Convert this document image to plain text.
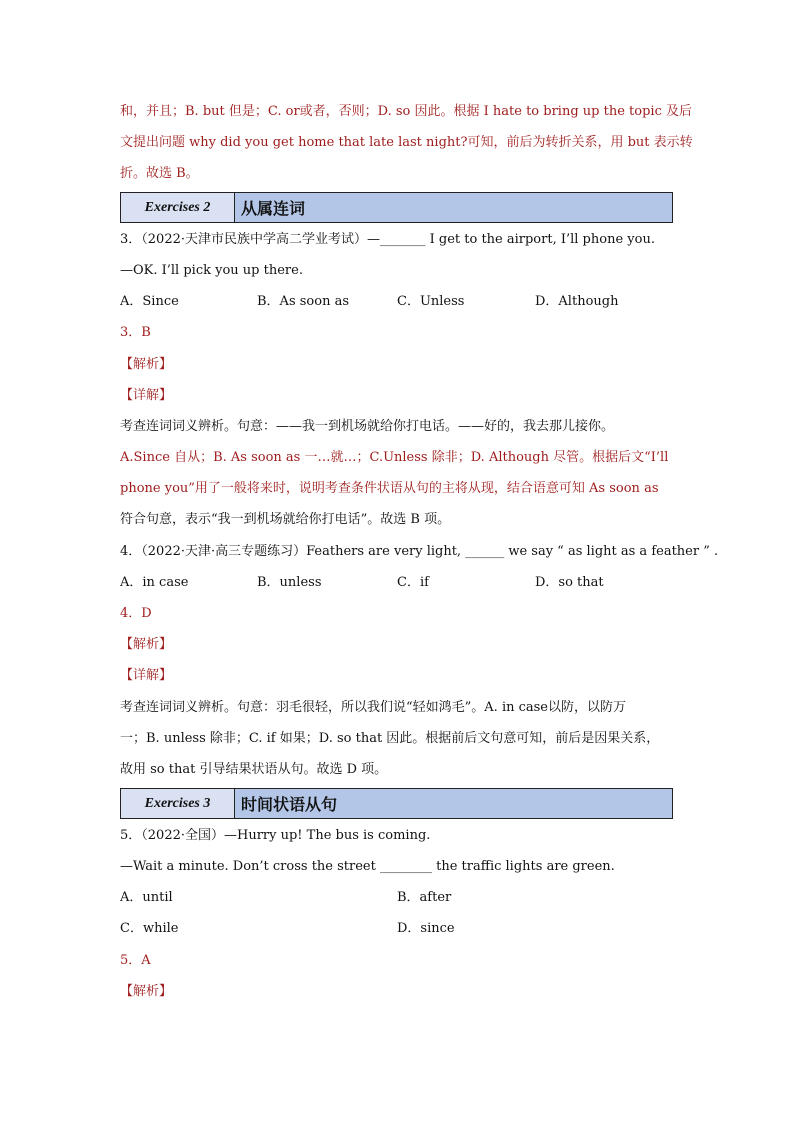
和，并且；B. but 但是；C. or或者，否则；D. so 因此。根据 I hate to bring up the topic 及后
文提出问题 why did you get home that late last night?可知，前后为转折关系，用 but 表示转
折。故选 B。
Exercises 2	从属连词
3．（2022·天津市民族中学高二学业考试）—_______ I get to the airport, I’ll phone you.
—OK. I’ll pick you up there.
A．Since	B．As soon as	C．Unless	D．Although
3．B
【解析】
【详解】
考查连词词义辨析。句意：——我一到机场就给你打电话。——好的，我去那儿接你。
A.Since 自从；B. As soon as 一…就…；C.Unless 除非；D. Although 尽管。根据后文“I’ll
phone you”用了一般将来时，说明考查条件状语从句的主将从现，结合语意可知 As soon as
符合句意，表示“我一到机场就给你打电话”。故选 B 项。
4．（2022·天津·高三专题练习）Feathers are very light, ______ we say “ as light as a feather ” .
A．in case	B．unless	C．if	D．so that
4．D
【解析】
【详解】
考查连词词义辨析。句意：羽毛很轻，所以我们说“轻如鸿毛”。A. in case以防，以防万
一；B. unless 除非；C. if 如果；D. so that 因此。根据前后文句意可知，前后是因果关系，
故用 so that 引导结果状语从句。故选 D 项。
Exercises 3	时间状语从句
5．（2022·全国）—Hurry up! The bus is coming.
—Wait a minute. Don’t cross the street ________ the traffic lights are green.
A．until	B．after
C．while	D．since
5．A
【解析】
